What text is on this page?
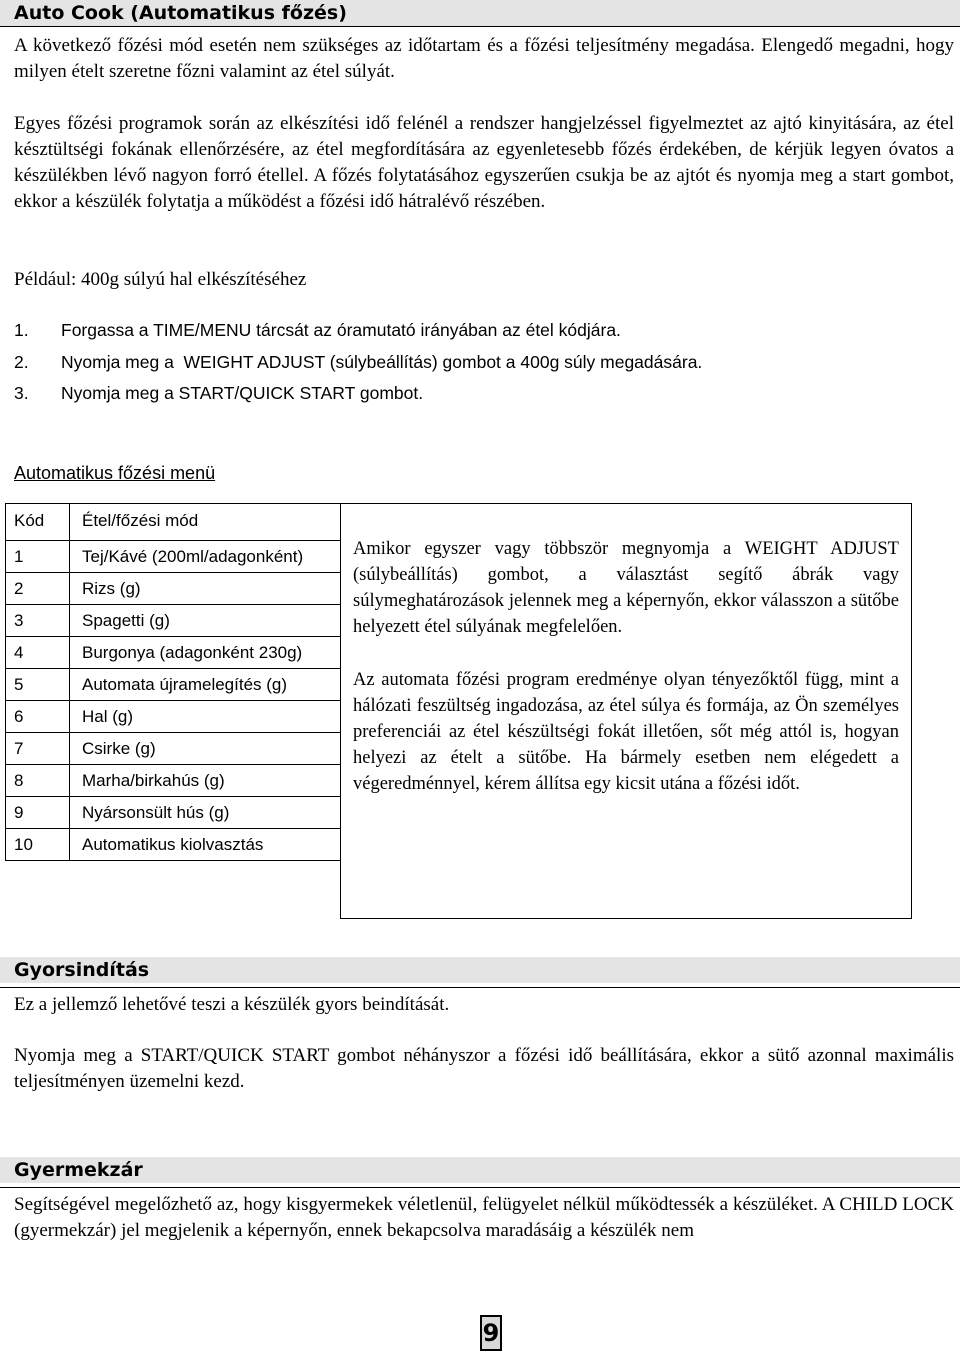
Auto Cook (Automatikus főzés)

A következő főzési mód esetén nem szükséges az időtartam és a főzési teljesítmény megadása. Elengedő megadni, hogy milyen ételt szeretne főzni valamint az étel súlyát.

Egyes főzési programok során az elkészítési idő felénél a rendszer hangjelzéssel figyelmeztet az ajtó kinyitására, az étel késztültségi fokának ellenőrzésére, az étel megfordítására az egyenletesebb főzés érdekében, de kérjük legyen óvatos a készülékben lévő nagyon forró étellel. A főzés folytatásához egyszerűen csukja be az ajtót és nyomja meg a start gombot, ekkor a készülék folytatja a működést a főzési idő hátralévő részében.

Például: 400g súlyú hal elkészítéséhez

1. Forgassa a TIME/MENU tárcsát az óramutató irányában az étel kódjára.
2. Nyomja meg a  WEIGHT ADJUST (súlybeállítás) gombot a 400g súly megadására.
3. Nyomja meg a START/QUICK START gombot.
Automatikus főzési menü
Kód	Étel/főzési mód
1	Tej/Kávé (200ml/adagonként)
2	Rizs (g)
3	Spagetti (g)
4	Burgonya (adagonként 230g)
5	Automata újramelegítés (g)
6	Hal (g)
7	Csirke (g)
8	Marha/birkahús (g)
9	Nyársonsült hús (g)
10	Automatikus kiolvasztás

Amikor egyszer vagy többször megnyomja a WEIGHT ADJUST (súlybeállítás) gombot, a választást segítő ábrák vagy súlymeghatározások jelennek meg a képernyőn, ekkor válasszon a sütőbe helyezett étel súlyának megfelelően.

Az automata főzési program eredménye olyan tényezőktől függ, mint a hálózati feszültség ingadozása, az étel súlya és formája, az Ön személyes preferenciái az étel készültségi fokát illetően, sőt még attól is, hogyan helyezi az ételt a sütőbe. Ha bármely esetben nem elégedett a végeredménnyel, kérem állítsa egy kicsit utána a főzési időt.

Gyorsindítás

Ez a jellemző lehetővé teszi a készülék gyors beindítását.

Nyomja meg a START/QUICK START gombot néhányszor a főzési idő beállítására, ekkor a sütő azonnal maximális teljesítményen üzemelni kezd.

Gyermekzár

Segítségével megelőzhető az, hogy kisgyermekek véletlenül, felügyelet nélkül működtessék a készüléket. A CHILD LOCK (gyermekzár) jel megjelenik a képernyőn, ennek bekapcsolva maradásáig a készülék nem

9
